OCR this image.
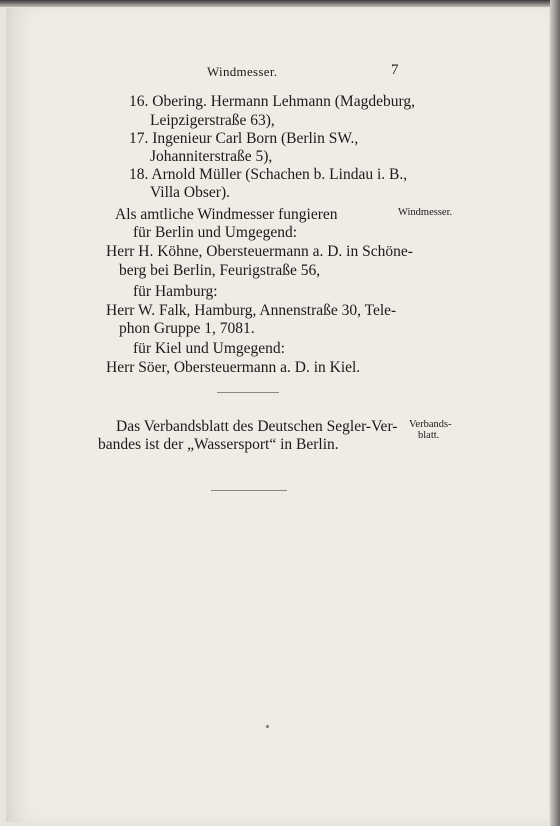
Windmesser.	7
16. Obering. Hermann Lehmann (Magdeburg,
Leipzigerstraße 63),
17. Ingenieur Carl Born (Berlin SW.,
Johanniterstraße 5),
18. Arnold Müller (Schachen b. Lindau i. B.,
Villa Obser).
Als amtliche Windmesser fungieren	Windmesser.
für Berlin und Umgegend:
Herr H. Köhne, Obersteuermann a. D. in Schöne-
berg bei Berlin, Feurigstraße 56,
für Hamburg:
Herr W. Falk, Hamburg, Annenstraße 30, Tele-
phon Gruppe 1, 7081.
für Kiel und Umgegend:
Herr Söer, Obersteuermann a. D. in Kiel.
Das Verbandsblatt des Deutschen Segler-Ver-
bandes ist der „Wassersport“ in Berlin.
Verbands-
blatt.
